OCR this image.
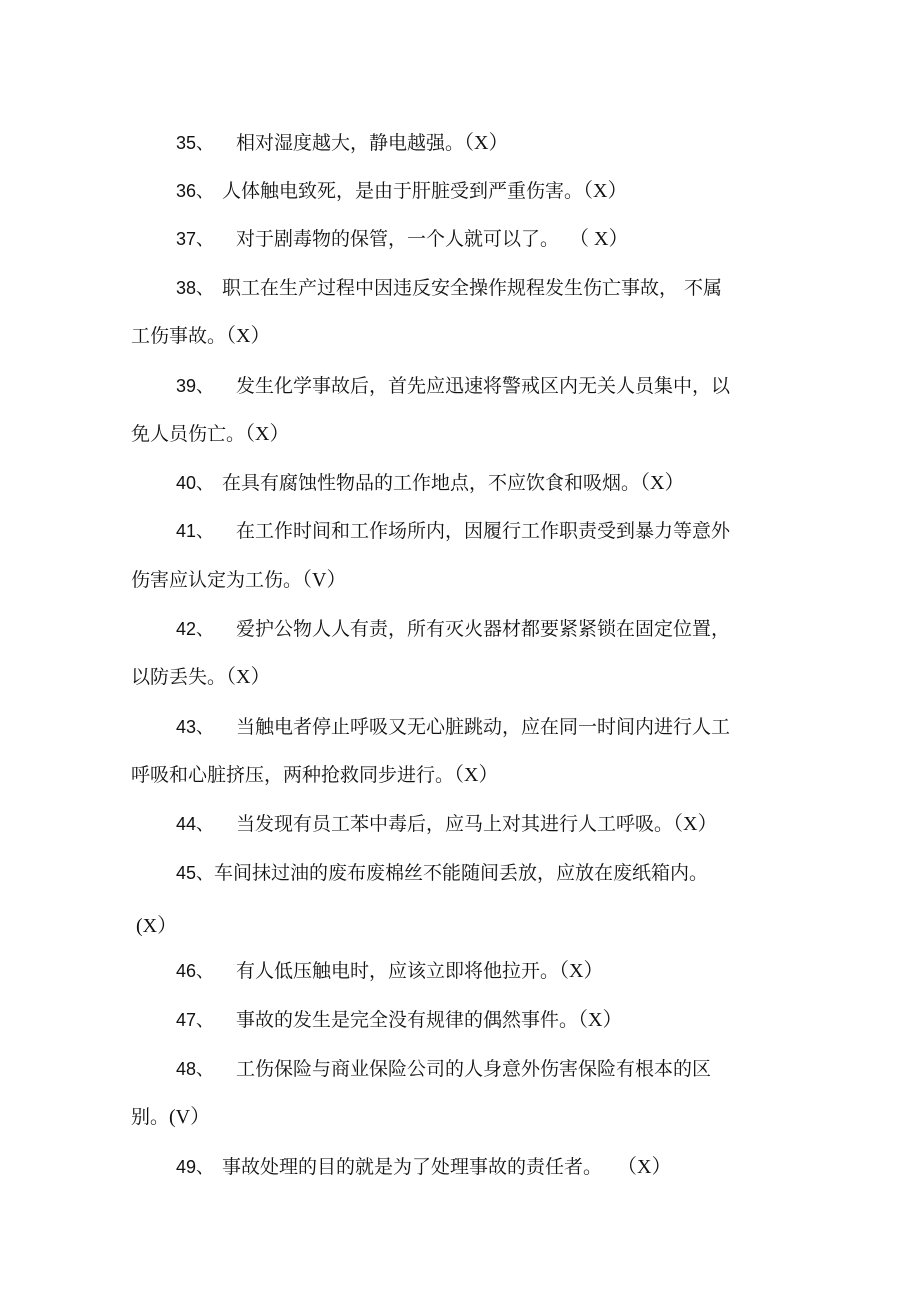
35、 相对湿度越大，静电越强。（X）
36、 人体触电致死，是由于肝脏受到严重伤害。（X）
37、 对于剧毒物的保管，一个人就可以了。 （ X）
38、 职工在生产过程中因违反安全操作规程发生伤亡事故， 不属
工伤事故。（X）
39、 发生化学事故后，首先应迅速将警戒区内无关人员集中，以
免人员伤亡。（X）
40、 在具有腐蚀性物品的工作地点，不应饮食和吸烟。（X）
41、 在工作时间和工作场所内，因履行工作职责受到暴力等意外
伤害应认定为工伤。（V）
42、 爱护公物人人有责，所有灭火器材都要紧紧锁在固定位置，
以防丢失。（X）
43、 当触电者停止呼吸又无心脏跳动，应在同一时间内进行人工
呼吸和心脏挤压，两种抢救同步进行。（X）
44、 当发现有员工苯中毒后，应马上对其进行人工呼吸。（X）
45、车间抹过油的废布废棉丝不能随间丢放，应放在废纸箱内。
(X）
46、 有人低压触电时，应该立即将他拉开。（X）
47、 事故的发生是完全没有规律的偶然事件。（X）
48、 工伤保险与商业保险公司的人身意外伤害保险有根本的区
别。(V）
49、 事故处理的目的就是为了处理事故的责任者。   （X）
